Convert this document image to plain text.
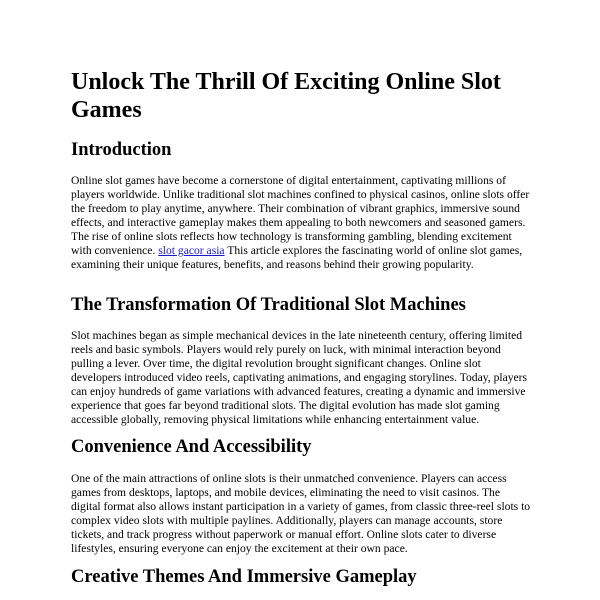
Unlock The Thrill Of Exciting Online Slot Games
Introduction

Online slot games have become a cornerstone of digital entertainment, captivating millions of players worldwide. Unlike traditional slot machines confined to physical casinos, online slots offer the freedom to play anytime, anywhere. Their combination of vibrant graphics, immersive sound effects, and interactive gameplay makes them appealing to both newcomers and seasoned gamers. The rise of online slots reflects how technology is transforming gambling, blending excitement with convenience. slot gacor asia This article explores the fascinating world of online slot games, examining their unique features, benefits, and reasons behind their growing popularity.

The Transformation Of Traditional Slot Machines

Slot machines began as simple mechanical devices in the late nineteenth century, offering limited reels and basic symbols. Players would rely purely on luck, with minimal interaction beyond pulling a lever. Over time, the digital revolution brought significant changes. Online slot developers introduced video reels, captivating animations, and engaging storylines. Today, players can enjoy hundreds of game variations with advanced features, creating a dynamic and immersive experience that goes far beyond traditional slots. The digital evolution has made slot gaming accessible globally, removing physical limitations while enhancing entertainment value.

Convenience And Accessibility

One of the main attractions of online slots is their unmatched convenience. Players can access games from desktops, laptops, and mobile devices, eliminating the need to visit casinos. The digital format also allows instant participation in a variety of games, from classic three-reel slots to complex video slots with multiple paylines. Additionally, players can manage accounts, store tickets, and track progress without paperwork or manual effort. Online slots cater to diverse lifestyles, ensuring everyone can enjoy the excitement at their own pace.

Creative Themes And Immersive Gameplay
